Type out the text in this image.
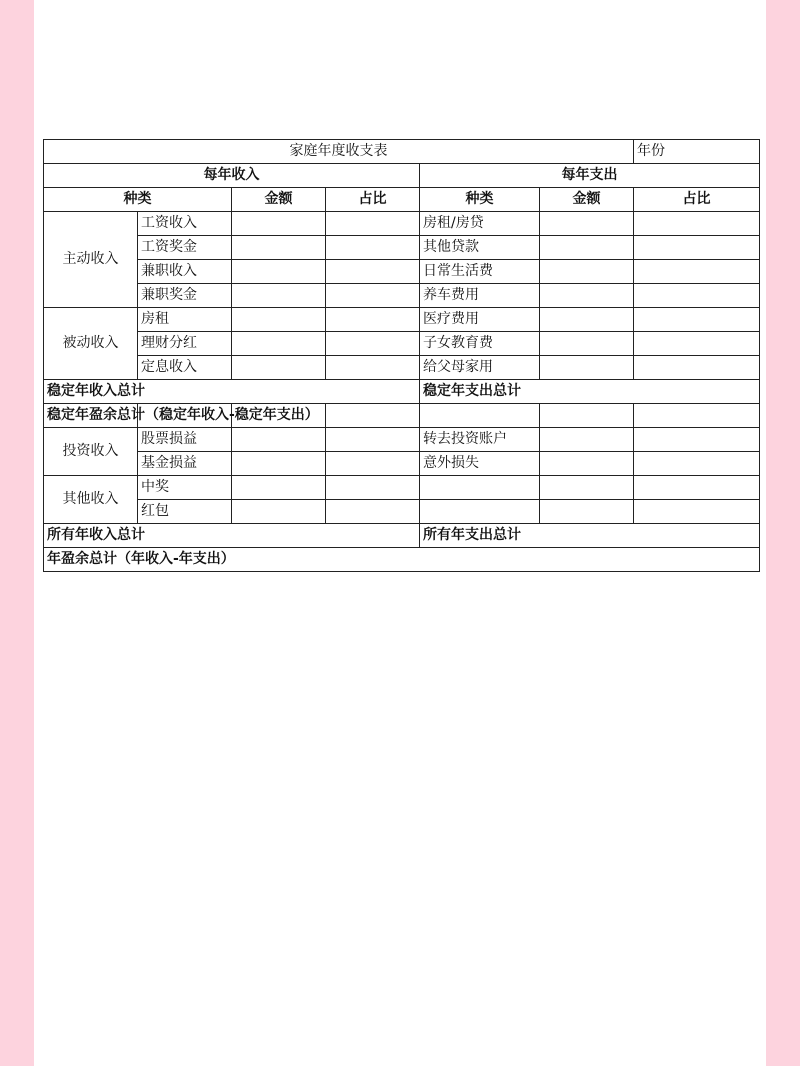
家庭年度收支表						年份
每年收入				每年支出		
种类		金额	占比	种类	金额	占比
主动收入	工资收入			房租/房贷		
	工资奖金			其他贷款		
	兼职收入			日常生活费		
	兼职奖金			养车费用		
被动收入	房租			医疗费用		
	理财分红			子女教育费		
	定息收入			给父母家用		
稳定年收入总计				稳定年支出总计		
稳定年盈余总计（稳定年收入-稳定年支出）						
投资收入	股票损益			转去投资账户		
	基金损益			意外损失		
其他收入	中奖					
	红包					
所有年收入总计				所有年支出总计		
年盈余总计（年收入-年支出）						
